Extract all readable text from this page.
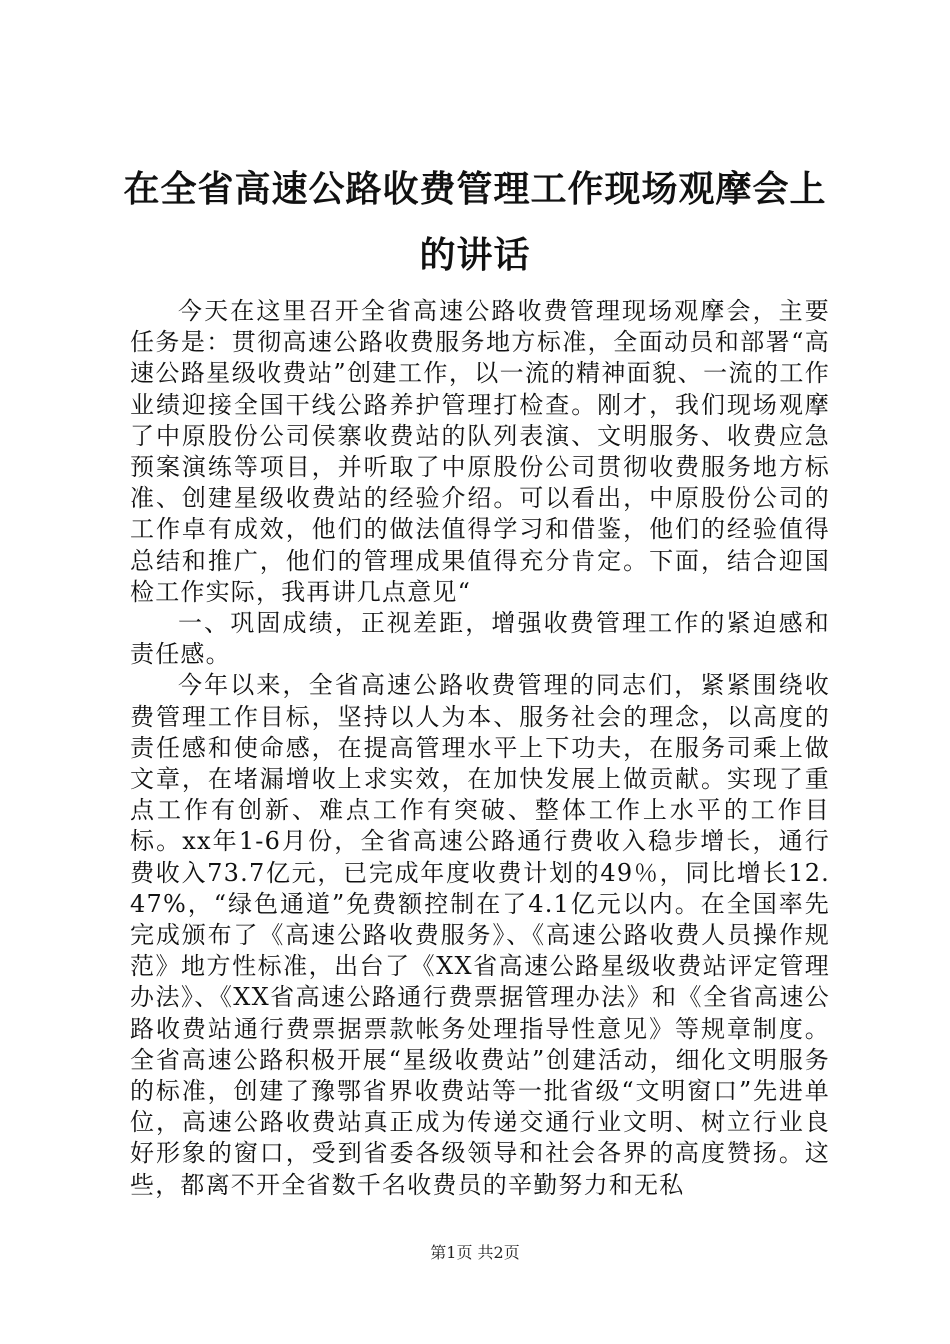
在全省高速公路收费管理工作现场观摩会上的讲话

今天在这里召开全省高速公路收费管理现场观摩会，主要任务是：贯彻高速公路收费服务地方标准，全面动员和部署“高速公路星级收费站”创建工作，以一流的精神面貌、一流的工作业绩迎接全国干线公路养护管理打检查。刚才，我们现场观摩了中原股份公司侯寨收费站的队列表演、文明服务、收费应急预案演练等项目，并听取了中原股份公司贯彻收费服务地方标准、创建星级收费站的经验介绍。可以看出，中原股份公司的工作卓有成效，他们的做法值得学习和借鉴，他们的经验值得总结和推广，他们的管理成果值得充分肯定。下面，结合迎国检工作实际，我再讲几点意见“

一、巩固成绩，正视差距，增强收费管理工作的紧迫感和责任感。

今年以来，全省高速公路收费管理的同志们，紧紧围绕收费管理工作目标，坚持以人为本、服务社会的理念，以高度的责任感和使命感，在提高管理水平上下功夫，在服务司乘上做文章，在堵漏增收上求实效，在加快发展上做贡献。实现了重点工作有创新、难点工作有突破、整体工作上水平的工作目标。xx年1-6月份，全省高速公路通行费收入稳步增长，通行费收入73.7亿元，已完成年度收费计划的49％，同比增长12.47%，“绿色通道”免费额控制在了4.1亿元以内。在全国率先完成颁布了《高速公路收费服务》、《高速公路收费人员操作规范》地方性标准，出台了《XX省高速公路星级收费站评定管理办法》、《XX省高速公路通行费票据管理办法》和《全省高速公路收费站通行费票据票款帐务处理指导性意见》等规章制度。全省高速公路积极开展“星级收费站”创建活动，细化文明服务的标准，创建了豫鄂省界收费站等一批省级“文明窗口”先进单位，高速公路收费站真正成为传递交通行业文明、树立行业良好形象的窗口，受到省委各级领导和社会各界的高度赞扬。这些，都离不开全省数千名收费员的辛勤努力和无私

第1页 共2页
